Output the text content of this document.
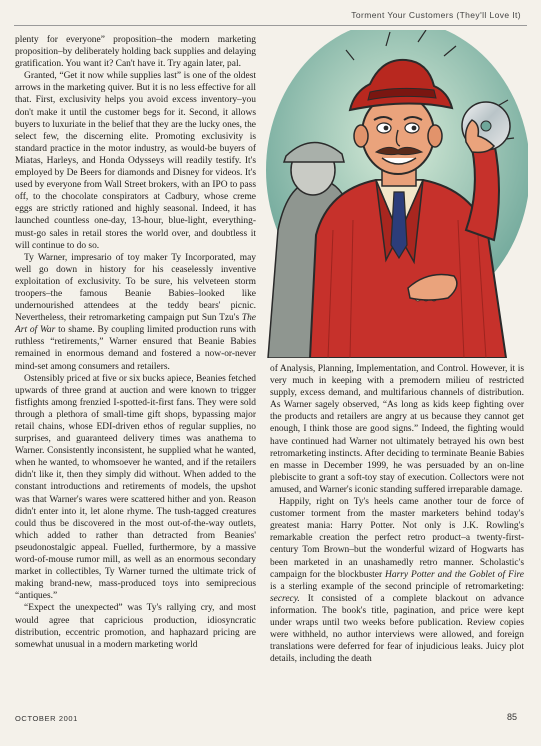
Torment Your Customers (They'll Love It)

plenty for everyone” proposition–the modern marketing proposition–by deliberately holding back supplies and delaying gratification. You want it? Can't have it. Try again later, pal.

Granted, “Get it now while supplies last” is one of the oldest arrows in the marketing quiver. But it is no less effective for all that. First, exclusivity helps you avoid excess inventory–you don't make it until the customer begs for it. Second, it allows buyers to luxuriate in the belief that they are the lucky ones, the select few, the discerning elite. Promoting exclusivity is standard practice in the motor industry, as would-be buyers of Miatas, Harleys, and Honda Odysseys will readily testify. It's employed by De Beers for diamonds and Disney for videos. It's used by everyone from Wall Street brokers, with an IPO to pass off, to the chocolate conspirators at Cadbury, whose creme eggs are strictly rationed and highly seasonal. Indeed, it has launched countless one-day, 13-hour, blue-light, everything-must-go sales in retail stores the world over, and doubtless it will continue to do so.

Ty Warner, impresario of toy maker Ty Incorporated, may well go down in history for his ceaselessly inventive exploitation of exclusivity. To be sure, his velveteen storm troopers–the famous Beanie Babies–looked like undernourished attendees at the teddy bears' picnic. Nevertheless, their retromarketing campaign put Sun Tzu's The Art of War to shame. By coupling limited production runs with ruthless “retirements,” Warner ensured that Beanie Babies remained in enormous demand and fostered a now-or-never mind-set among consumers and retailers.

Ostensibly priced at five or six bucks apiece, Beanies fetched upwards of three grand at auction and were known to trigger fistfights among frenzied I-spotted-it-first fans. They were sold through a plethora of small-time gift shops, bypassing major retail chains, whose EDI-driven ethos of regular supplies, no surprises, and guaranteed delivery times was anathema to Warner. Consistently inconsistent, he supplied what he wanted, when he wanted, to whomsoever he wanted, and if the retailers didn't like it, then they simply did without. When added to the constant introductions and retirements of models, the upshot was that Warner's wares were scattered hither and yon. Reason didn't enter into it, let alone rhyme. The tush-tagged creatures could thus be discovered in the most out-of-the-way outlets, which added to rather than detracted from Beanies' pseudonostalgic appeal. Fuelled, furthermore, by a massive word-of-mouse rumor mill, as well as an enormous secondary market in collectibles, Ty Warner turned the ultimate trick of making brand-new, mass-produced toys into semiprecious “antiques.”

“Expect the unexpected” was Ty's rallying cry, and most would agree that capricious production, idiosyncratic distribution, eccentric promotion, and haphazard pricing are somewhat unusual in a modern marketing world

of Analysis, Planning, Implementation, and Control. However, it is very much in keeping with a premodern milieu of restricted supply, excess demand, and multifarious channels of distribution. As Warner sagely observed, “As long as kids keep fighting over the products and retailers are angry at us because they cannot get enough, I think those are good signs.” Indeed, the fighting would have continued had Warner not ultimately betrayed his own best retromarketing instincts. After deciding to terminate Beanie Babies en masse in December 1999, he was persuaded by an on-line plebiscite to grant a soft-toy stay of execution. Collectors were not amused, and Warner's iconic standing suffered irreparable damage.

Happily, right on Ty's heels came another tour de force of customer torment from the master marketers behind today's greatest mania: Harry Potter. Not only is J.K. Rowling's remarkable creation the perfect retro product–a twenty-first-century Tom Brown–but the wonderful wizard of Hogwarts has been marketed in an unashamedly retro manner. Scholastic's campaign for the blockbuster Harry Potter and the Goblet of Fire is a sterling example of the second principle of retromarketing: secrecy. It consisted of a complete blackout on advance information. The book's title, pagination, and price were kept under wraps until two weeks before publication. Review copies were withheld, no author interviews were allowed, and foreign translations were deferred for fear of injudicious leaks. Juicy plot details, including the death

OCTOBER 2001	85
